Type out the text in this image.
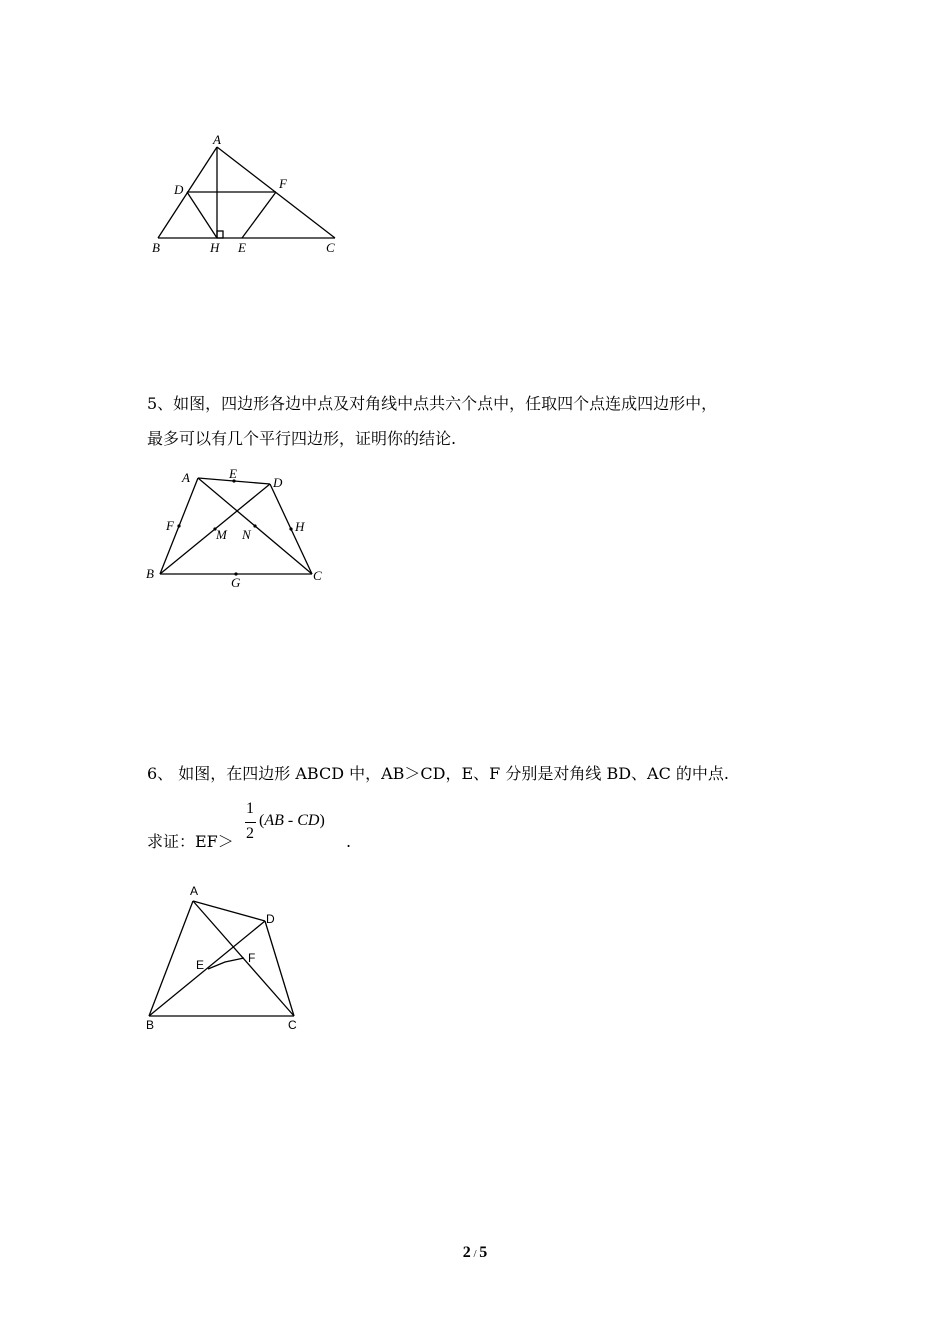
A
D	F
B	H E	C
5、如图，四边形各边中点及对角线中点共六个点中，任取四个点连成四边形中，
最多可以有几个平行四边形，证明你的结论.
A	E
D
F
M N
H
B
G	C
6、 如图，在四边形 ABCD 中，AB＞CD，E、F 分别是对角线 BD、AC 的中点.
求证：EF＞
1
2
(AB - CD)
.
A
D
E	F
B	C
2 / 5
